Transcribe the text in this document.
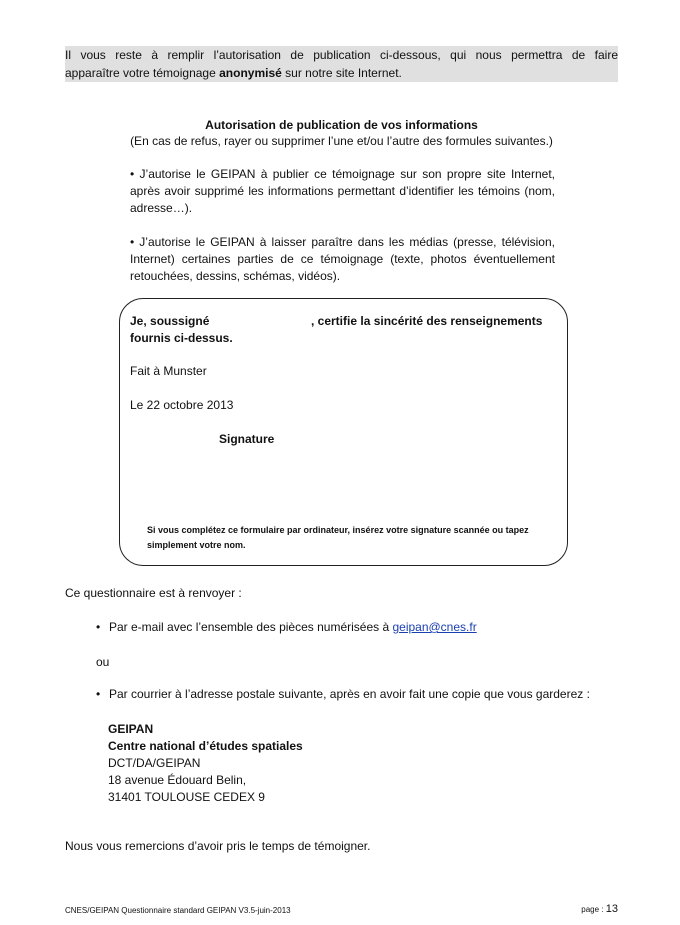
Il vous reste à remplir l’autorisation de publication ci-dessous, qui nous permettra de faire
apparaître votre témoignage anonymisé sur notre site Internet.
Autorisation de publication de vos informations
(En cas de refus, rayer ou supprimer l’une et/ou l’autre des formules suivantes.)
• J’autorise le GEIPAN à publier ce témoignage sur son propre site Internet, après avoir supprimé les informations permettant d’identifier les témoins (nom, adresse…).
• J’autorise le GEIPAN à laisser paraître dans les médias (presse, télévision, Internet) certaines parties de ce témoignage (texte, photos éventuellement retouchées, dessins, schémas, vidéos).
Je, soussigné	, certifie la sincérité des renseignements
fournis ci-dessus.
Fait à Munster
Le 22 octobre 2013
Signature
Si vous complétez ce formulaire par ordinateur, insérez votre signature scannée ou tapez simplement votre nom.
Ce questionnaire est à renvoyer :
• Par e-mail avec l’ensemble des pièces numérisées à geipan@cnes.fr
ou
• Par courrier à l’adresse postale suivante, après en avoir fait une copie que vous garderez :
GEIPAN
Centre national d’études spatiales
DCT/DA/GEIPAN
18 avenue Édouard Belin,
31401 TOULOUSE CEDEX 9
Nous vous remercions d’avoir pris le temps de témoigner.
CNES/GEIPAN Questionnaire standard GEIPAN V3.5-juin-2013	page : 13
